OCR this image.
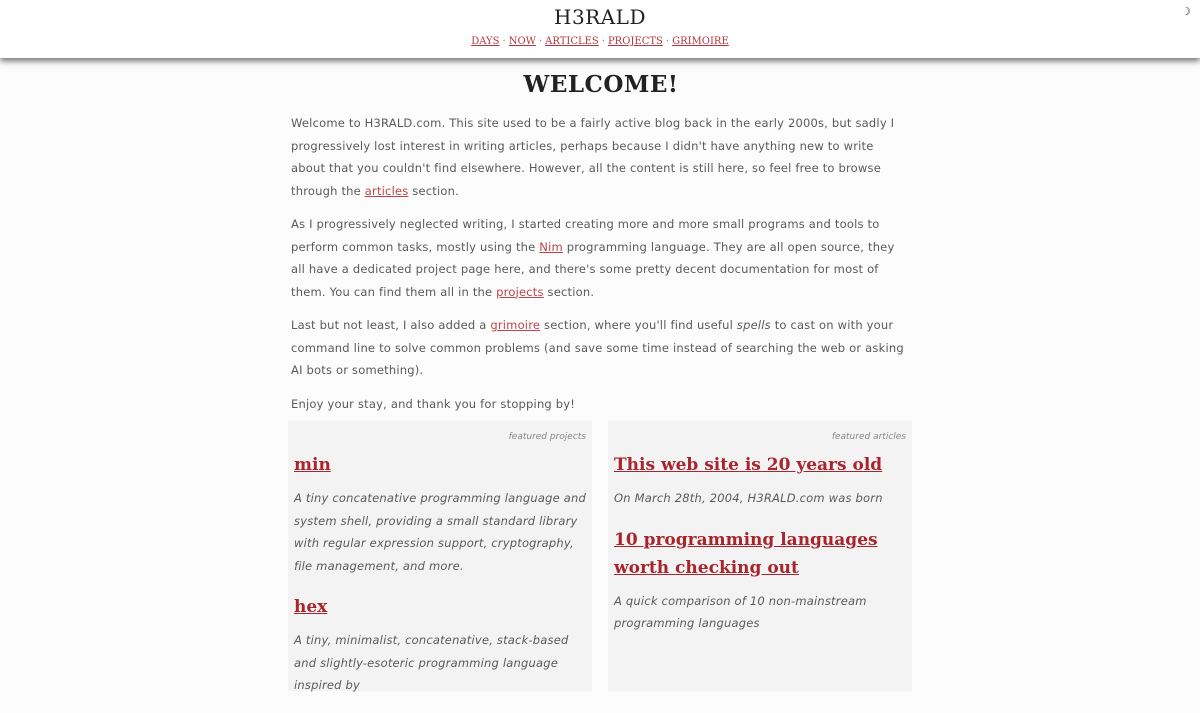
H3RALD
DAYS · NOW · ARTICLES · PROJECTS · GRIMOIRE
☽
WELCOME!

Welcome to H3RALD.com. This site used to be a fairly active blog back in the early 2000s, but sadly I progressively lost interest in writing articles, perhaps because I didn't have anything new to write about that you couldn't find elsewhere. However, all the content is still here, so feel free to browse through the articles section.

As I progressively neglected writing, I started creating more and more small programs and tools to perform common tasks, mostly using the Nim programming language. They are all open source, they all have a dedicated project page here, and there's some pretty decent documentation for most of them. You can find them all in the projects section.

Last but not least, I also added a grimoire section, where you'll find useful spells to cast on with your command line to solve common problems (and save some time instead of searching the web or asking AI bots or something).

Enjoy your stay, and thank you for stopping by!

featured projects
min

A tiny concatenative programming language and system shell, providing a small standard library with regular expression support, cryptography, file management, and more.

hex

A tiny, minimalist, concatenative, stack-based and slightly-esoteric programming language inspired by

featured articles
This web site is 20 years old

On March 28th, 2004, H3RALD.com was born

10 programming languages worth checking out

A quick comparison of 10 non-mainstream programming languages
